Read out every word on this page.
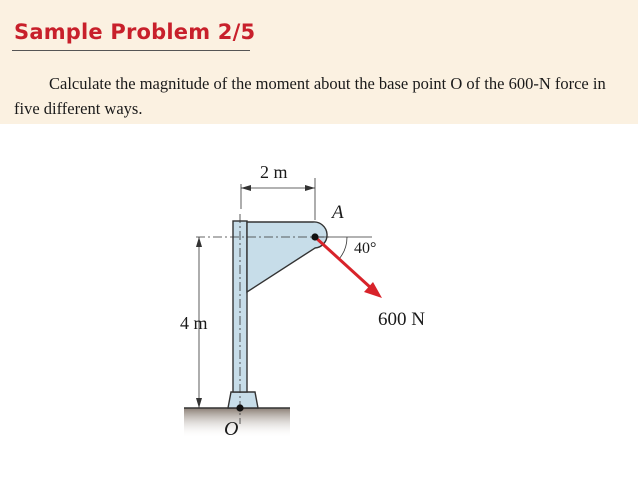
Sample Problem 2/5

Calculate the magnitude of the moment about the base point O of the 600-N force in five different ways.

2 m
A
40°
4 m	600 N
O
